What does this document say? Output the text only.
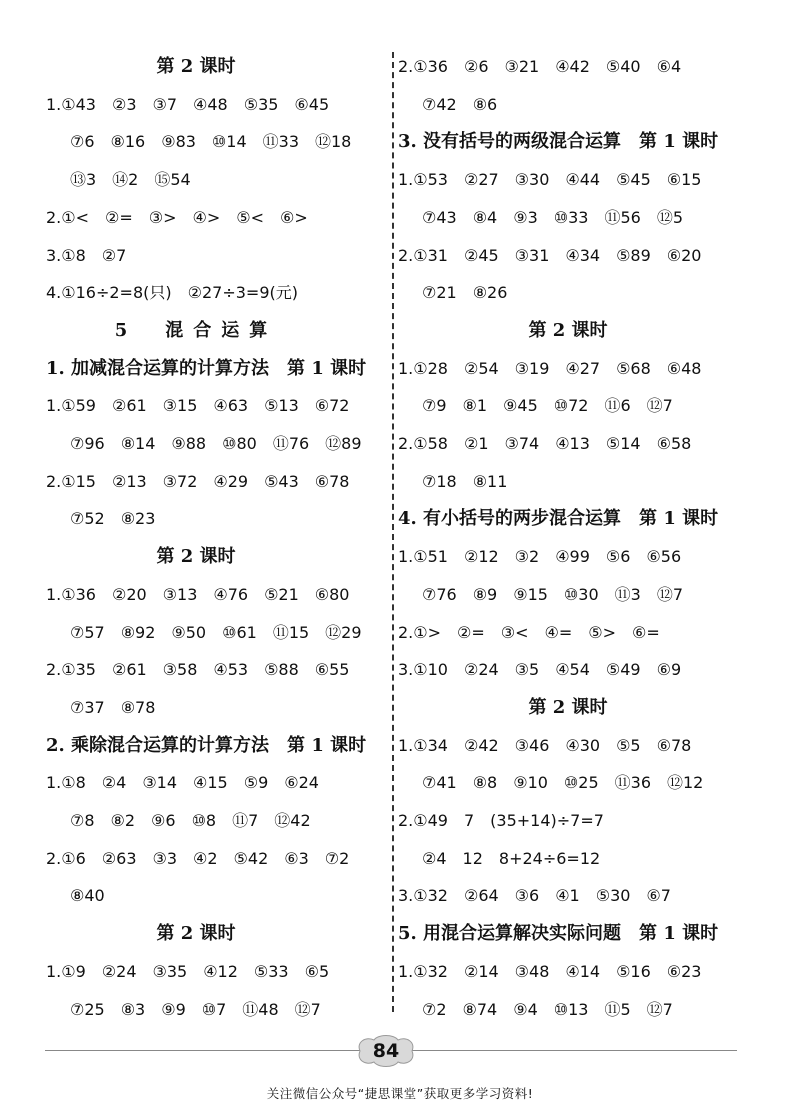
第 2 课时
1.①43　②3　③7　④48　⑤35　⑥45
⑦6　⑧16　⑨83　⑩14　⑪33　⑫18
⑬3　⑭2　⑮54
2.①<　②=　③>　④>　⑤<　⑥>
3.①8　②7
4.①16÷2=8(只)　②27÷3=9(元)
5　混合运算
1. 加减混合运算的计算方法　第 1 课时
1.①59　②61　③15　④63　⑤13　⑥72
⑦96　⑧14　⑨88　⑩80　⑪76　⑫89
2.①15　②13　③72　④29　⑤43　⑥78
⑦52　⑧23
第 2 课时
1.①36　②20　③13　④76　⑤21　⑥80
⑦57　⑧92　⑨50　⑩61　⑪15　⑫29
2.①35　②61　③58　④53　⑤88　⑥55
⑦37　⑧78
2. 乘除混合运算的计算方法　第 1 课时
1.①8　②4　③14　④15　⑤9　⑥24
⑦8　⑧2　⑨6　⑩8　⑪7　⑫42
2.①6　②63　③3　④2　⑤42　⑥3　⑦2
⑧40
第 2 课时
1.①9　②24　③35　④12　⑤33　⑥5
⑦25　⑧3　⑨9　⑩7　⑪48　⑫7
2.①36　②6　③21　④42　⑤40　⑥4
⑦42　⑧6
3. 没有括号的两级混合运算　第 1 课时
1.①53　②27　③30　④44　⑤45　⑥15
⑦43　⑧4　⑨3　⑩33　⑪56　⑫5
2.①31　②45　③31　④34　⑤89　⑥20
⑦21　⑧26
第 2 课时
1.①28　②54　③19　④27　⑤68　⑥48
⑦9　⑧1　⑨45　⑩72　⑪6　⑫7
2.①58　②1　③74　④13　⑤14　⑥58
⑦18　⑧11
4. 有小括号的两步混合运算　第 1 课时
1.①51　②12　③2　④99　⑤6　⑥56
⑦76　⑧9　⑨15　⑩30　⑪3　⑫7
2.①>　②=　③<　④=　⑤>　⑥=
3.①10　②24　③5　④54　⑤49　⑥9
第 2 课时
1.①34　②42　③46　④30　⑤5　⑥78
⑦41　⑧8　⑨10　⑩25　⑪36　⑫12
2.①49　7　(35+14)÷7=7
②4　12　8+24÷6=12
3.①32　②64　③6　④1　⑤30　⑥7
5. 用混合运算解决实际问题　第 1 课时
1.①32　②14　③48　④14　⑤16　⑥23
⑦2　⑧74　⑨4　⑩13　⑪5　⑫7
84
关注微信公众号“捷思课堂”获取更多学习资料!
